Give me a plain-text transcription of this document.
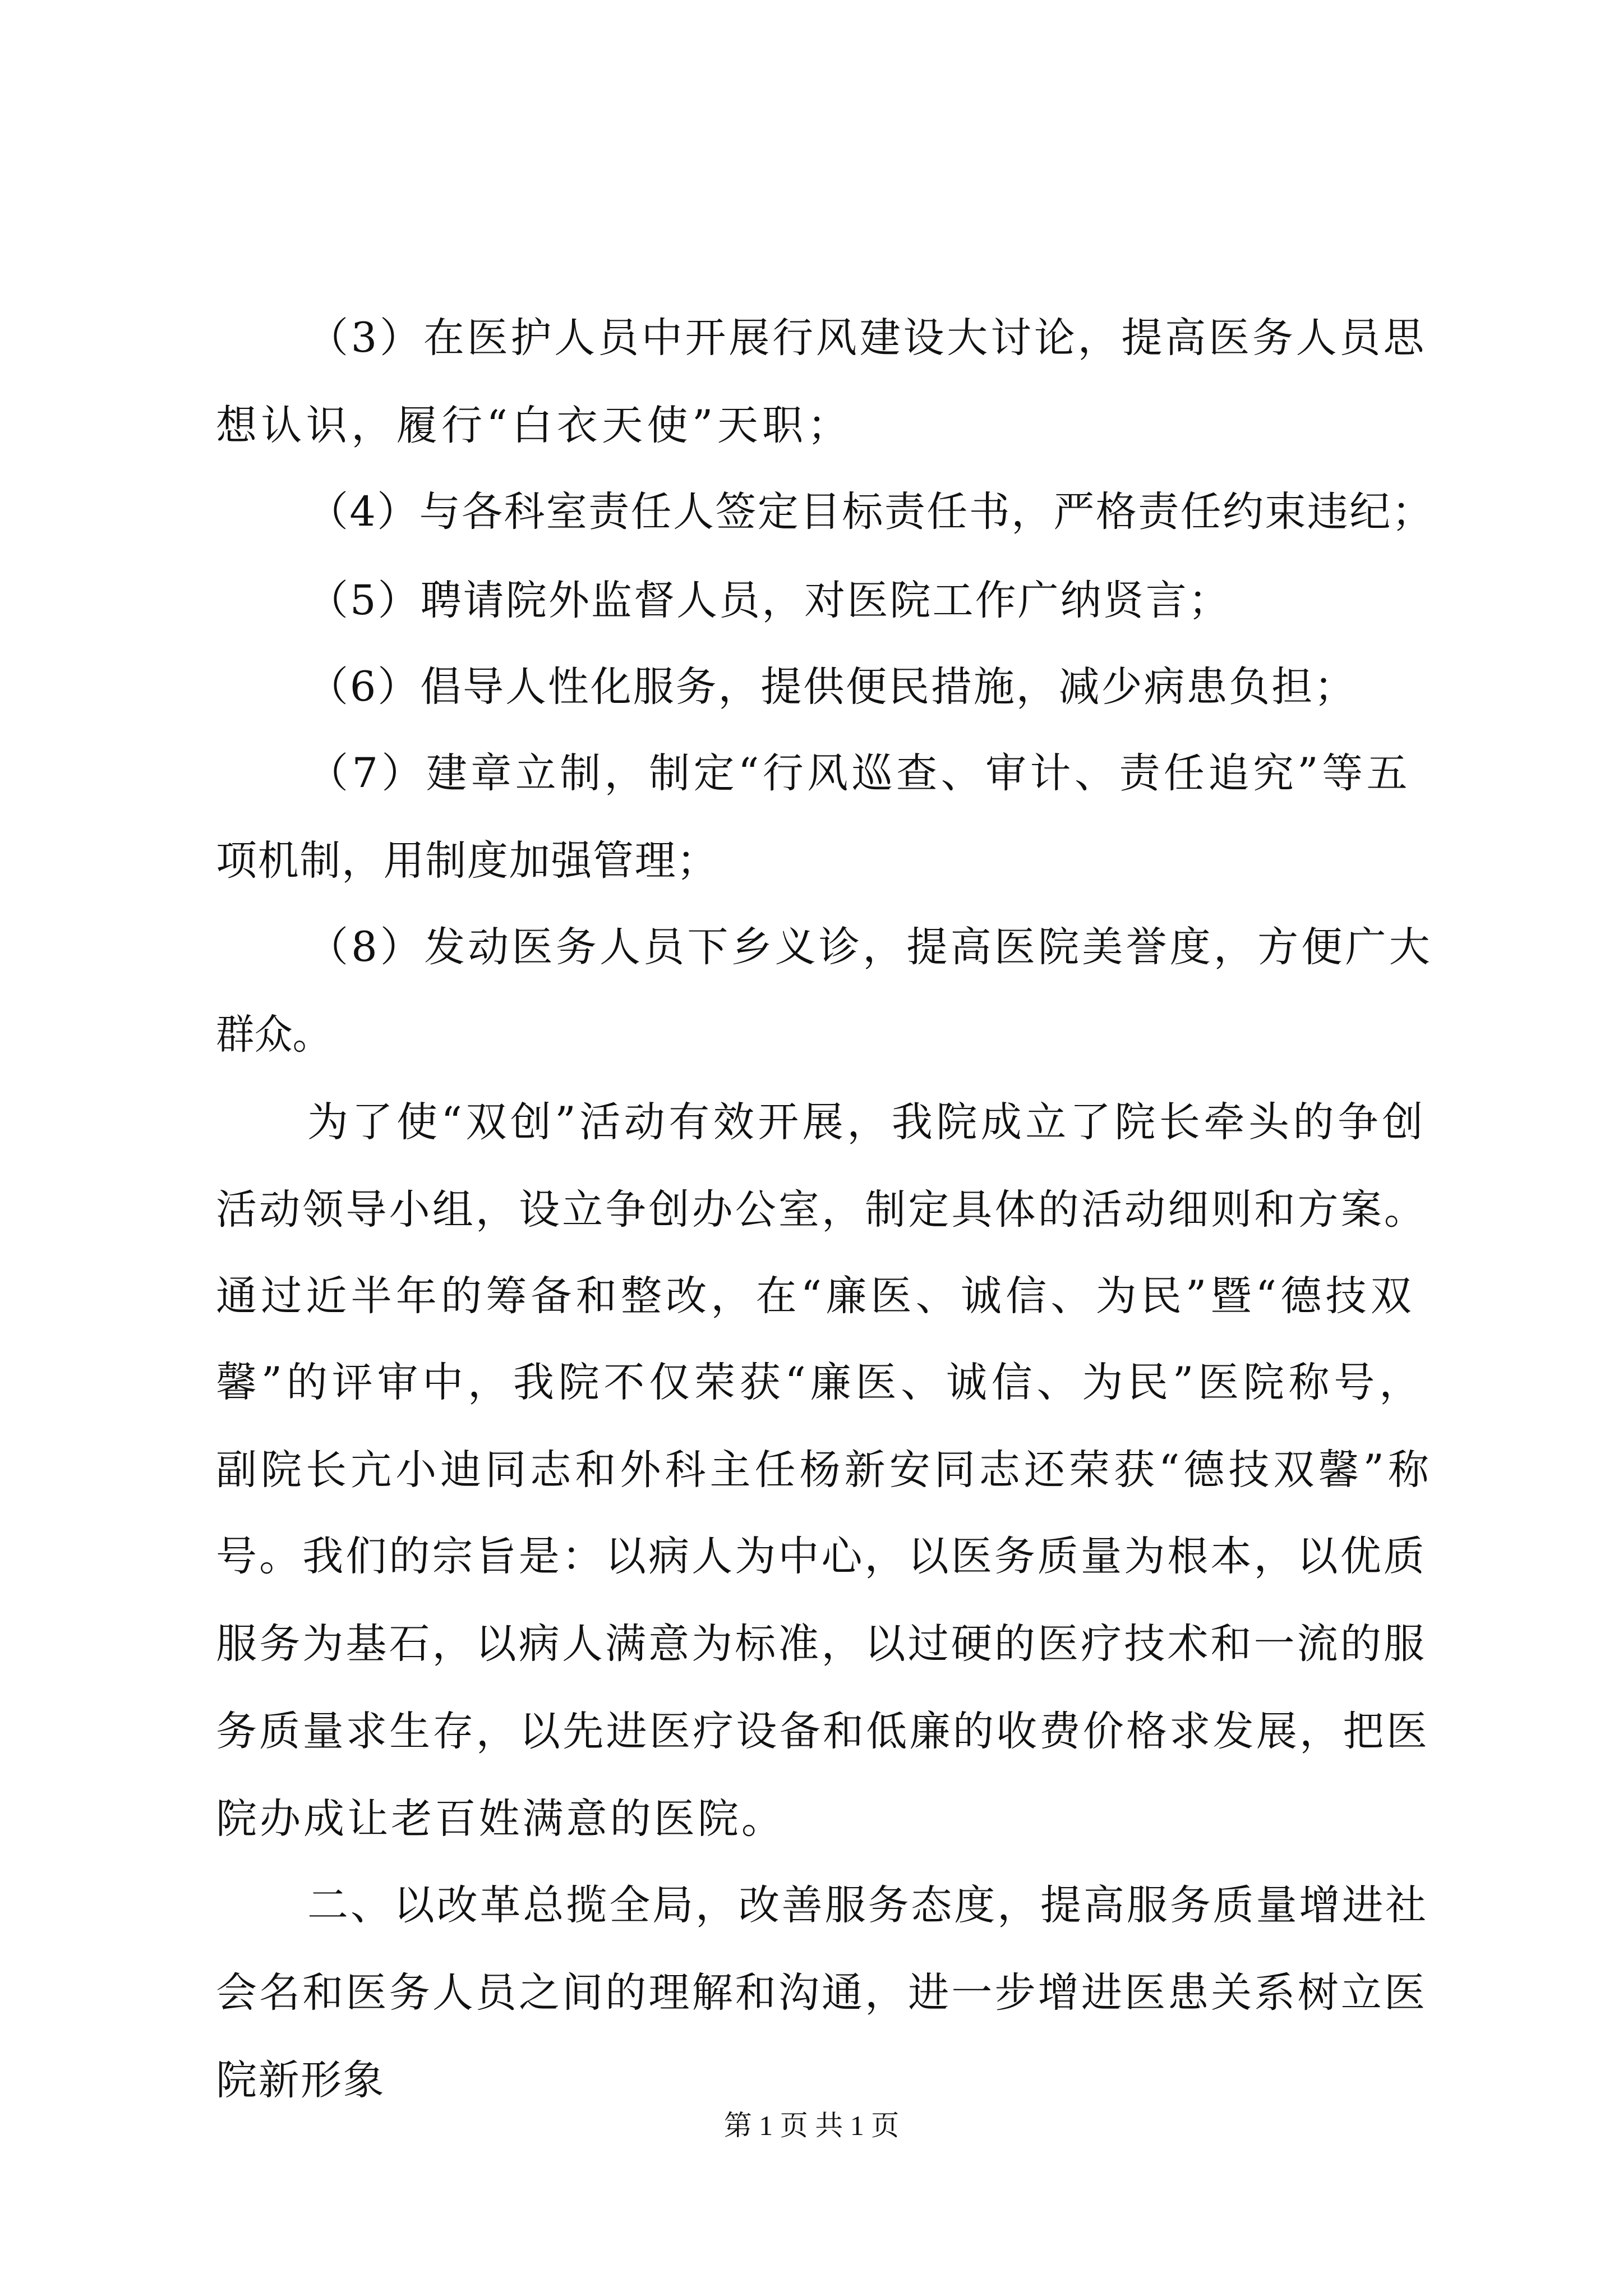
（3）在医护人员中开展行风建设大讨论，提高医务人员思

想认识，履行“白衣天使”天职；

（4）与各科室责任人签定目标责任书，严格责任约束违纪；

（5）聘请院外监督人员，对医院工作广纳贤言；

（6）倡导人性化服务，提供便民措施，减少病患负担；

（7）建章立制，制定“行风巡查、审计、责任追究”等五

项机制，用制度加强管理；

（8）发动医务人员下乡义诊，提高医院美誉度，方便广大

群众。

为了使“双创”活动有效开展，我院成立了院长牵头的争创

活动领导小组，设立争创办公室，制定具体的活动细则和方案。

通过近半年的筹备和整改，在“廉医、诚信、为民”暨“德技双

馨”的评审中，我院不仅荣获“廉医、诚信、为民”医院称号，

副院长亢小迪同志和外科主任杨新安同志还荣获“德技双馨”称

号。我们的宗旨是：以病人为中心，以医务质量为根本，以优质

服务为基石，以病人满意为标准，以过硬的医疗技术和一流的服

务质量求生存，以先进医疗设备和低廉的收费价格求发展，把医

院办成让老百姓满意的医院。

二、以改革总揽全局，改善服务态度，提高服务质量增进社

会名和医务人员之间的理解和沟通，进一步增进医患关系树立医

院新形象

第 1 页 共 1 页
